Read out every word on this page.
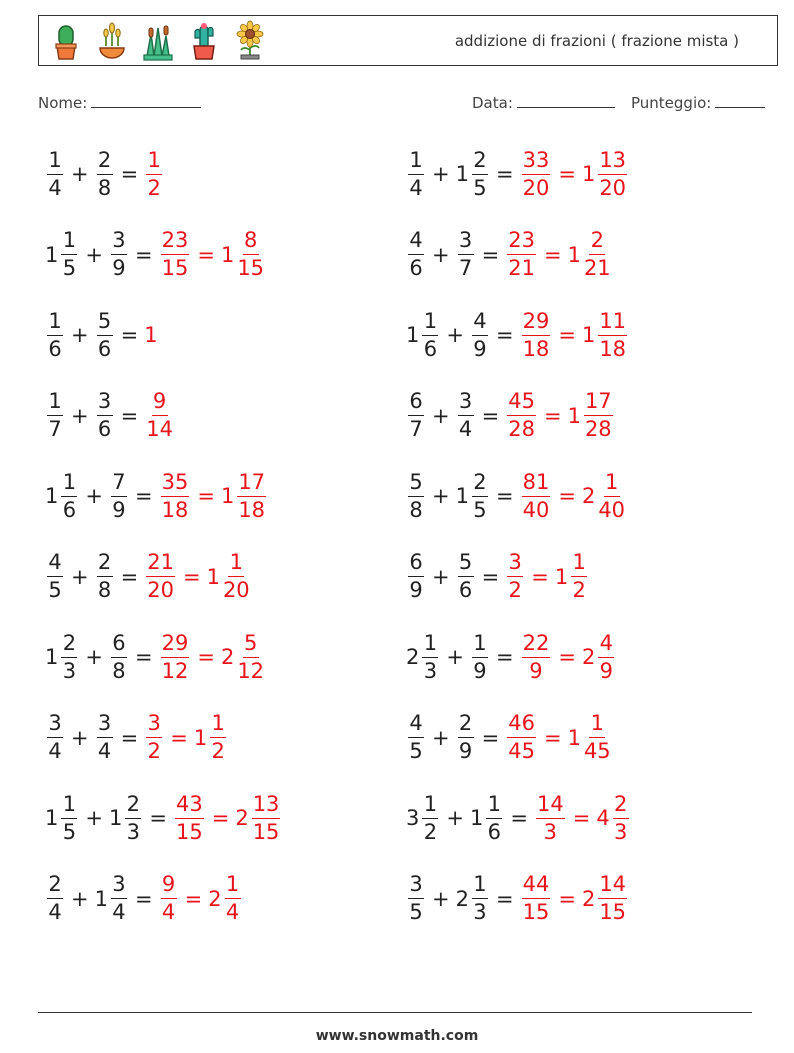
addizione di frazioni ( frazione mista )
Nome:	Data:	Punteggio:
$\frac{1}{4} + \frac{2}{8} = \frac{1}{2}$
$1 \frac{1}{5} + \frac{3}{9} = \frac{23}{15} = 1 \frac{8}{15}$
$\frac{1}{6} + \frac{5}{6} = 1$
$\frac{1}{7} + \frac{3}{6} = \frac{9}{14}$
$1 \frac{1}{6} + \frac{7}{9} = \frac{35}{18} = 1 \frac{17}{18}$
$\frac{4}{5} + \frac{2}{8} = \frac{21}{20} = 1 \frac{1}{20}$
$1 \frac{2}{3} + \frac{6}{8} = \frac{29}{12} = 2 \frac{5}{12}$
$\frac{3}{4} + \frac{3}{4} = \frac{3}{2} = 1 \frac{1}{2}$
$1 \frac{1}{5} + 1 \frac{2}{3} = \frac{43}{15} = 2 \frac{13}{15}$
$\frac{2}{4} + 1 \frac{3}{4} = \frac{9}{4} = 2 \frac{1}{4}$
$\frac{1}{4} + 1 \frac{2}{5} = \frac{33}{20} = 1 \frac{13}{20}$
$\frac{4}{6} + \frac{3}{7} = \frac{23}{21} = 1 \frac{2}{21}$
$1 \frac{1}{6} + \frac{4}{9} = \frac{29}{18} = 1 \frac{11}{18}$
$\frac{6}{7} + \frac{3}{4} = \frac{45}{28} = 1 \frac{17}{28}$
$\frac{5}{8} + 1 \frac{2}{5} = \frac{81}{40} = 2 \frac{1}{40}$
$\frac{6}{9} + \frac{5}{6} = \frac{3}{2} = 1 \frac{1}{2}$
$2 \frac{1}{3} + \frac{1}{9} = \frac{22}{9} = 2 \frac{4}{9}$
$\frac{4}{5} + \frac{2}{9} = \frac{46}{45} = 1 \frac{1}{45}$
$3 \frac{1}{2} + 1 \frac{1}{6} = \frac{14}{3} = 4 \frac{2}{3}$
$\frac{3}{5} + 2 \frac{1}{3} = \frac{44}{15} = 2 \frac{14}{15}$
www.snowmath.com
